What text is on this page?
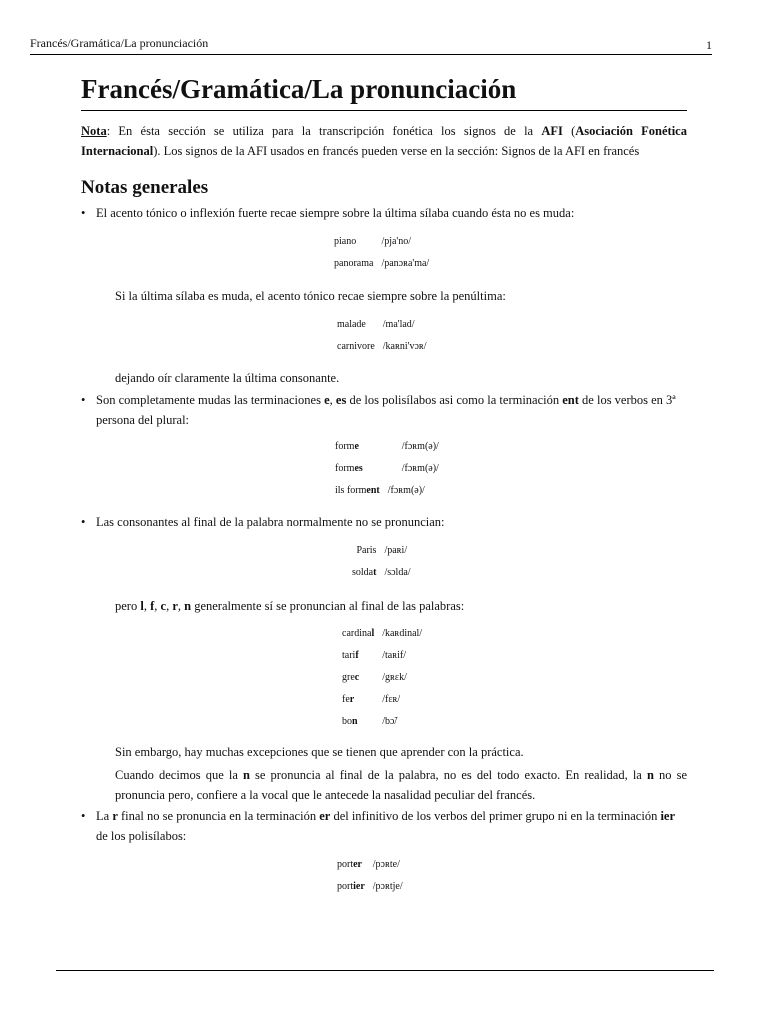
Francés/Gramática/La pronunciación	1
Francés/Gramática/La pronunciación

Nota: En ésta sección se utiliza para la transcripción fonética los signos de la AFI (Asociación Fonética Internacional). Los signos de la AFI usados en francés pueden verse en la sección: Signos de la AFI en francés

Notas generales

• El acento tónico o inflexión fuerte recae siempre sobre la última sílaba cuando ésta no es muda:

piano	/pja'no/
panorama	/panɔʀa'ma/

Si la última sílaba es muda, el acento tónico recae siempre sobre la penúltima:

malade	/ma'lad/
carnivore	/kaʀni'vɔʀ/

dejando oír claramente la última consonante.

• Son completamente mudas las terminaciones e, es de los polisílabos asi como la terminación ent de los verbos en 3ª persona del plural:

forme	/fɔʀm(ə)/
formes	/fɔʀm(ə)/
ils forment	/fɔʀm(ə)/

• Las consonantes al final de la palabra normalmente no se pronuncian:

Paris	/paʀi/
soldat	/sɔlda/

pero l, f, c, r, n generalmente sí se pronuncian al final de las palabras:

cardinal	/kaʀdinal/
tarif	/taʀif/
grec	/gʀɛk/
fer	/fɛʀ/
bon	/bɔ̃/

Sin embargo, hay muchas excepciones que se tienen que aprender con la práctica.

Cuando decimos que la n se pronuncia al final de la palabra, no es del todo exacto. En realidad, la n no se pronuncia pero, confiere a la vocal que le antecede la nasalidad peculiar del francés.

• La r final no se pronuncia en la terminación er del infinitivo de los verbos del primer grupo ni en la terminación ier de los polisílabos:

porter	/pɔʀte/
portier	/pɔʀtje/
